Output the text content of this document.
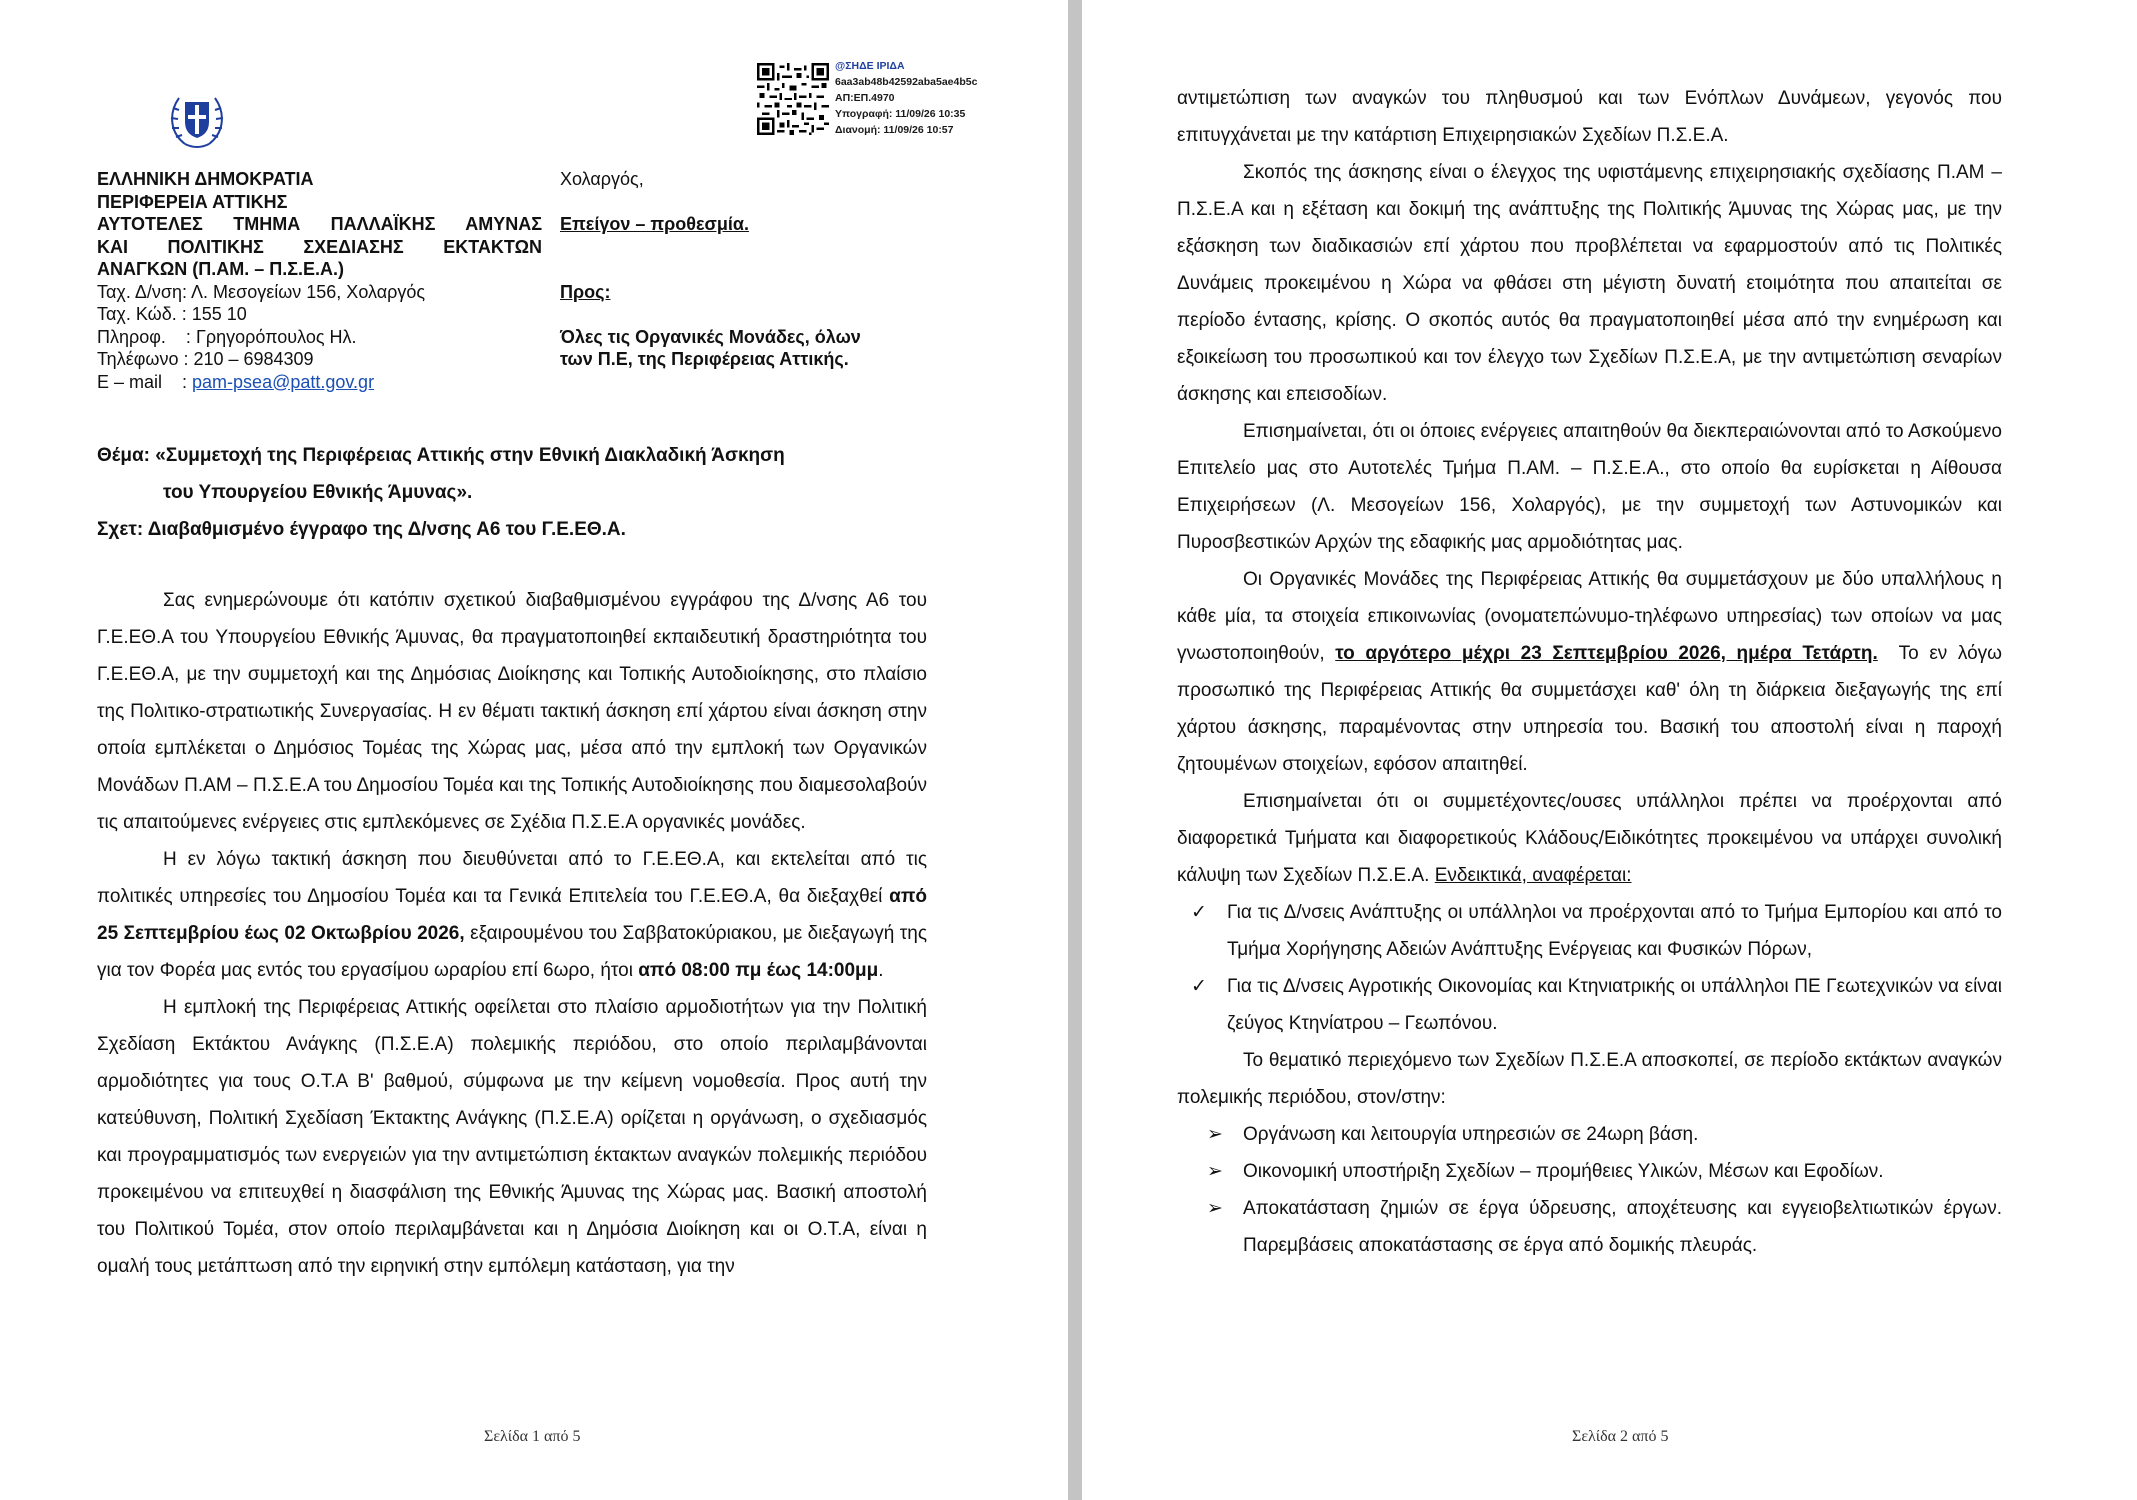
@ΣΗΔΕ ΙΡΙΔΑ
6aa3ab48b42592aba5ae4b5c
ΑΠ:ΕΠ.4970
Υπογραφή: 11/09/26 10:35
Διανομή: 11/09/26 10:57
ΕΛΛΗΝΙΚΗ ΔΗΜΟΚΡΑΤΙΑ
ΠΕΡΙΦΕΡΕΙΑ ΑΤΤΙΚΗΣ
ΑΥΤΟΤΕΛΕΣ ΤΜΗΜΑ ΠΑΛΛΑΪΚΗΣ ΑΜΥΝΑΣ
ΚΑΙ ΠΟΛΙΤΙΚΗΣ ΣΧΕΔΙΑΣΗΣ ΕΚΤΑΚΤΩΝ
ΑΝΑΓΚΩΝ (Π.ΑΜ. – Π.Σ.Ε.Α.)
Ταχ. Δ/νση: Λ. Μεσογείων 156, Χολαργός
Ταχ. Κώδ. : 155 10
Πληροφ.    : Γρηγορόπουλος Ηλ.
Τηλέφωνο : 210 – 6984309
E – mail    : pam-psea@patt.gov.gr
Χολαργός,
Επείγον – προθεσμία.
Προς:
Όλες τις Οργανικές Μονάδες, όλων
των Π.Ε, της Περιφέρειας Αττικής.
Θέμα: «Συμμετοχή της Περιφέρειας Αττικής στην Εθνική Διακλαδική Άσκηση
του Υπουργείου Εθνικής Άμυνας».
Σχετ: Διαβαθμισμένο έγγραφο της Δ/νσης Α6 του Γ.Ε.ΕΘ.Α.

Σας ενημερώνουμε ότι κατόπιν σχετικού διαβαθμισμένου εγγράφου της Δ/νσης Α6 του Γ.Ε.ΕΘ.Α του Υπουργείου Εθνικής Άμυνας, θα πραγματοποιηθεί εκπαιδευτική δραστηριότητα του Γ.Ε.ΕΘ.Α, με την συμμετοχή και της Δημόσιας Διοίκησης και Τοπικής Αυτοδιοίκησης, στο πλαίσιο της Πολιτικο-στρατιωτικής Συνεργασίας. Η εν θέματι τακτική άσκηση επί χάρτου είναι άσκηση στην οποία εμπλέκεται ο Δημόσιος Τομέας της Χώρας μας, μέσα από την εμπλοκή των Οργανικών Μονάδων Π.ΑΜ – Π.Σ.Ε.Α του Δημοσίου Τομέα και της Τοπικής Αυτοδιοίκησης που διαμεσολαβούν τις απαιτούμενες ενέργειες στις εμπλεκόμενες σε Σχέδια Π.Σ.Ε.Α οργανικές μονάδες.

Η εν λόγω τακτική άσκηση που διευθύνεται από το Γ.Ε.ΕΘ.Α, και εκτελείται από τις πολιτικές υπηρεσίες του Δημοσίου Τομέα και τα Γενικά Επιτελεία του Γ.Ε.ΕΘ.Α, θα διεξαχθεί από 25 Σεπτεμβρίου έως 02 Οκτωβρίου 2026, εξαιρουμένου του Σαββατοκύριακου, με διεξαγωγή της για τον Φορέα μας εντός του εργασίμου ωραρίου επί 6ωρο, ήτοι από 08:00 πμ έως 14:00μμ.

Η εμπλοκή της Περιφέρειας Αττικής οφείλεται στο πλαίσιο αρμοδιοτήτων για την Πολιτική Σχεδίαση Εκτάκτου Ανάγκης (Π.Σ.Ε.Α) πολεμικής περιόδου, στο οποίο περιλαμβάνονται αρμοδιότητες για τους Ο.Τ.Α Β' βαθμού, σύμφωνα με την κείμενη νομοθεσία. Προς αυτή την κατεύθυνση, Πολιτική Σχεδίαση Έκτακτης Ανάγκης (Π.Σ.Ε.Α) ορίζεται η οργάνωση, ο σχεδιασμός και προγραμματισμός των ενεργειών για την αντιμετώπιση έκτακτων αναγκών πολεμικής περιόδου προκειμένου να επιτευχθεί η διασφάλιση της Εθνικής Άμυνας της Χώρας μας. Βασική αποστολή του Πολιτικού Τομέα, στον οποίο περιλαμβάνεται και η Δημόσια Διοίκηση και οι Ο.Τ.Α, είναι η ομαλή τους μετάπτωση από την ειρηνική στην εμπόλεμη κατάσταση, για την

Σελίδα 1 από 5

αντιμετώπιση των αναγκών του πληθυσμού και των Ενόπλων Δυνάμεων, γεγονός που επιτυγχάνεται με την κατάρτιση Επιχειρησιακών Σχεδίων Π.Σ.Ε.Α.

Σκοπός της άσκησης είναι ο έλεγχος της υφιστάμενης επιχειρησιακής σχεδίασης Π.ΑΜ – Π.Σ.Ε.Α και η εξέταση και δοκιμή της ανάπτυξης της Πολιτικής Άμυνας της Χώρας μας, με την εξάσκηση των διαδικασιών επί χάρτου που προβλέπεται να εφαρμοστούν από τις Πολιτικές Δυνάμεις προκειμένου η Χώρα να φθάσει στη μέγιστη δυνατή ετοιμότητα που απαιτείται σε περίοδο έντασης, κρίσης. Ο σκοπός αυτός θα πραγματοποιηθεί μέσα από την ενημέρωση και εξοικείωση του προσωπικού και τον έλεγχο των Σχεδίων Π.Σ.Ε.Α, με την αντιμετώπιση σεναρίων άσκησης και επεισοδίων.

Επισημαίνεται, ότι οι όποιες ενέργειες απαιτηθούν θα διεκπεραιώνονται από το Ασκούμενο Επιτελείο μας στο Αυτοτελές Τμήμα Π.ΑΜ. – Π.Σ.Ε.Α., στο οποίο θα ευρίσκεται η Αίθουσα Επιχειρήσεων (Λ. Μεσογείων 156, Χολαργός), με την συμμετοχή των Αστυνομικών και Πυροσβεστικών Αρχών της εδαφικής μας αρμοδιότητας μας.

Οι Οργανικές Μονάδες της Περιφέρειας Αττικής θα συμμετάσχουν με δύο υπαλλήλους η κάθε μία, τα στοιχεία επικοινωνίας (ονοματεπώνυμο-τηλέφωνο υπηρεσίας) των οποίων να μας γνωστοποιηθούν, το αργότερο μέχρι 23 Σεπτεμβρίου 2026, ημέρα Τετάρτη.  Το εν λόγω προσωπικό της Περιφέρειας Αττικής θα συμμετάσχει καθ' όλη τη διάρκεια διεξαγωγής της επί χάρτου άσκησης, παραμένοντας στην υπηρεσία του. Βασική του αποστολή είναι η παροχή ζητουμένων στοιχείων, εφόσον απαιτηθεί.

Επισημαίνεται ότι οι συμμετέχοντες/ουσες υπάλληλοι πρέπει να προέρχονται από διαφορετικά Τμήματα και διαφορετικούς Κλάδους/Ειδικότητες προκειμένου να υπάρχει συνολική κάλυψη των Σχεδίων Π.Σ.Ε.Α. Ενδεικτικά, αναφέρεται:

✓ Για τις Δ/νσεις Ανάπτυξης οι υπάλληλοι να προέρχονται από το Τμήμα Εμπορίου και από το Τμήμα Χορήγησης Αδειών Ανάπτυξης Ενέργειας και Φυσικών Πόρων,
✓ Για τις Δ/νσεις Αγροτικής Οικονομίας και Κτηνιατρικής οι υπάλληλοι ΠΕ Γεωτεχνικών να είναι ζεύγος Κτηνίατρου – Γεωπόνου.

Το θεματικό περιεχόμενο των Σχεδίων Π.Σ.Ε.Α αποσκοπεί, σε περίοδο εκτάκτων αναγκών πολεμικής περιόδου, στον/στην:

➢ Οργάνωση και λειτουργία υπηρεσιών σε 24ωρη βάση.
➢ Οικονομική υποστήριξη Σχεδίων – προμήθειες Υλικών, Μέσων και Εφοδίων.
➢ Αποκατάσταση ζημιών σε έργα ύδρευσης, αποχέτευσης και εγγειοβελτιωτικών έργων. Παρεμβάσεις αποκατάστασης σε έργα από δομικής πλευράς.
Σελίδα 2 από 5
